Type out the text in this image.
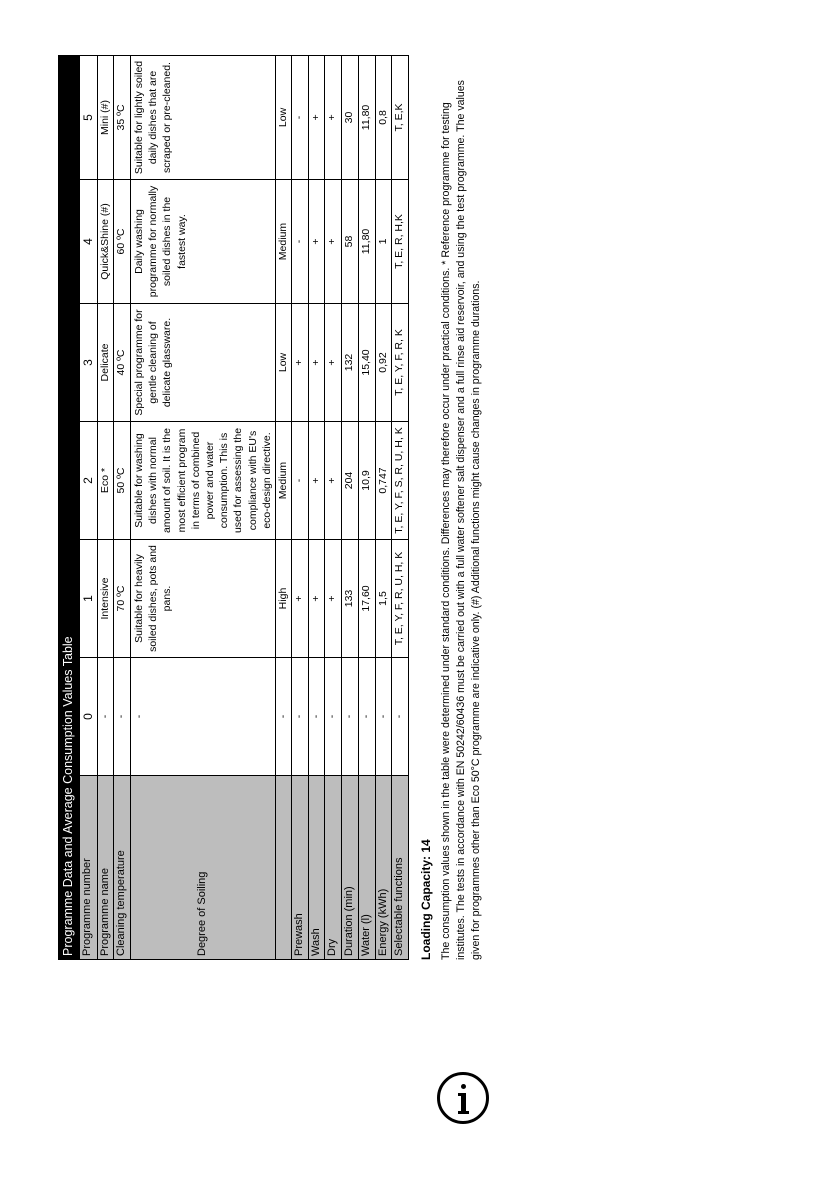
Programme Data and Average Consumption Values Table						
Programme number	0	1	2	3	4	5
Programme name	-	Intensive	Eco *	Delicate	Quick&Shine (#)	Mini (#)
Cleaning temperature	-	70 ºC	50 ºC	40 ºC	60 ºC	35 ºC
Degree of Soiling	-	Suitable for heavily soiled dishes, pots and pans.	Suitable for washing dishes with normal amount of soil. It is the most efficient program in terms of combined power and water consumption. This is used for assessing the compliance with EU's eco-design directive.	Special programme for gentle cleaning of delicate glassware.	Daily washing programme for normally soiled dishes in the fastest way.	Suitable for lightly soiled daily dishes that are scraped or pre-cleaned.
	-	High	Medium	Low	Medium	Low
Prewash	-	+	-	+	-	-
Wash	-	+	+	+	+	+
Dry	-	+	+	+	+	+
Duration (min)	-	133	204	132	58	30
Water (l)	-	17,60	10,9	15,40	11,80	11,80
Energy (kWh)	-	1,5	0,747	0,92	1	0,8
Selectable functions	-	T, E, Y, F, R, U, H, K	T, E, Y, F, S, R, U, H, K	T, E, Y, F, R, K	T, E, R, H,K	T, E,K

Loading Capacity: 14 The consumption values shown in the table were determined under standard conditions. Differences may therefore occur under practical conditions. * Reference programme for testing institutes. The tests in accordance with EN 50242/60436 must be carried out with a full water softener salt dispenser and a full rinse aid reservoir, and using the test programme. The values given for programmes other than Eco 50°C programme are indicative only. (#) Additional functions might cause changes in programme durations.
